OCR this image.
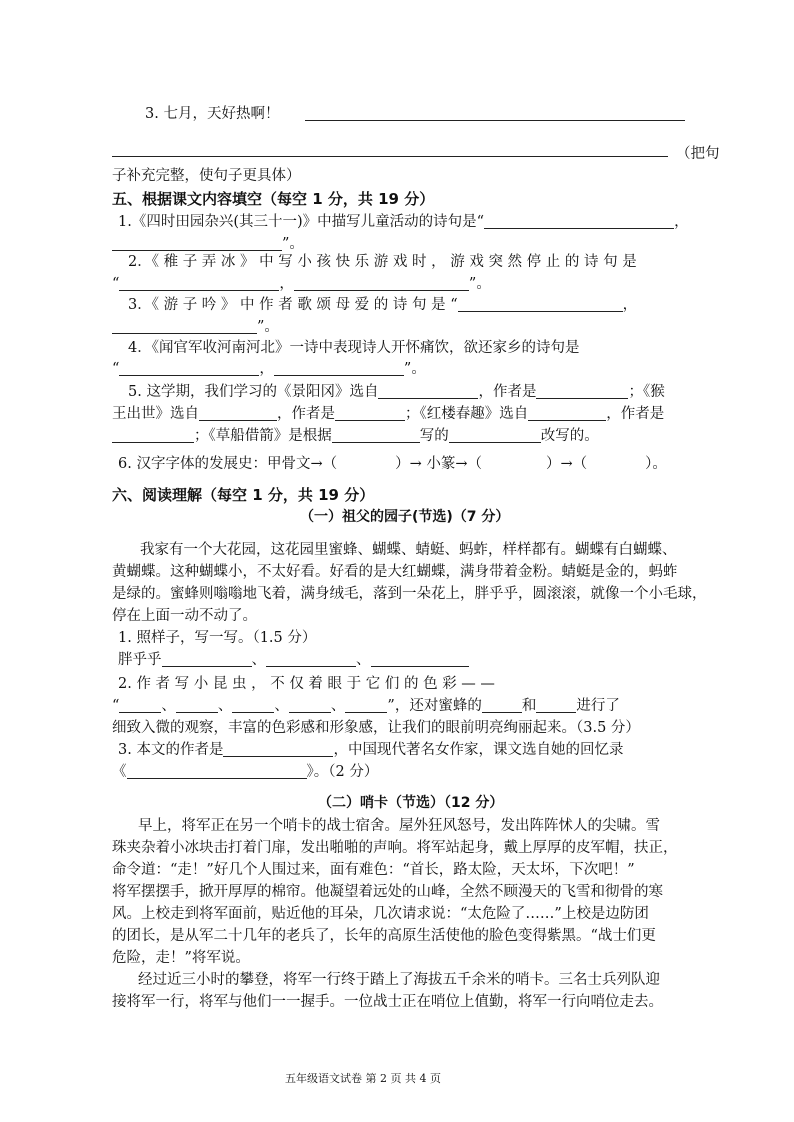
3. 七月，天好热啊！
（把句
子补充完整，使句子更具体）
五、根据课文内容填空（每空 1 分，共 19 分）
1.《四时田园杂兴(其三十一)》中描写儿童活动的诗句是“	，
”。
2．《 稚 子 弄 冰 》 中 写 小 孩 快 乐 游 戏 时 ， 游 戏 突 然 停 止 的 诗 句 是
“	，	”。
3．《 游 子 吟 》 中 作 者 歌 颂 母 爱 的 诗 句 是 “	，
”。
4．《闻官军收河南河北》一诗中表现诗人开怀痛饮，欲还家乡的诗句是
“	，	”。
5. 这学期，我们学习的《景阳冈》选自	，作者是	；《猴
王出世》选自	，作者是	；《红楼春趣》选自	，作者是
；《草船借箭》是根据	写的	改写的。
6. 汉字字体的发展史：甲骨文→（	）→ 小篆→（	）→（	）。
六、阅读理解（每空 1 分，共 19 分）
（一）祖父的园子(节选)（7 分）
我家有一个大花园，这花园里蜜蜂、蝴蝶、蜻蜓、蚂蚱，样样都有。蝴蝶有白蝴蝶、
黄蝴蝶。这种蝴蝶小，不太好看。好看的是大红蝴蝶，满身带着金粉。蜻蜓是金的，蚂蚱
是绿的。蜜蜂则嗡嗡地飞着，满身绒毛，落到一朵花上，胖乎乎，圆滚滚，就像一个小毛球，
停在上面一动不动了。
1. 照样子，写一写。（1.5 分）
胖乎乎	、	、
2. 作 者 写 小 昆 虫 ， 不 仅 着 眼 于 它 们 的 色 彩 — —
“	、	、	、	、	”，还对蜜蜂的	和	进行了
细致入微的观察，丰富的色彩感和形象感，让我们的眼前明亮绚丽起来。（3.5 分）
3. 本文的作者是	，中国现代著名女作家，课文选自她的回忆录
《	》。（2 分）
（二）哨卡（节选）（12 分）
早上，将军正在另一个哨卡的战士宿舍。屋外狂风怒号，发出阵阵怵人的尖啸。雪
珠夹杂着小冰块击打着门扉，发出啪啪的声响。将军站起身，戴上厚厚的皮军帽，扶正，
命令道：“走！”好几个人围过来，面有难色：“首长，路太险，天太坏，下次吧！”
将军摆摆手，掀开厚厚的棉帘。他凝望着远处的山峰，全然不顾漫天的飞雪和彻骨的寒
风。上校走到将军面前，贴近他的耳朵，几次请求说：“太危险了……”上校是边防团
的团长，是从军二十几年的老兵了，长年的高原生活使他的脸色变得紫黑。“战士们更
危险，走！”将军说。
经过近三小时的攀登，将军一行终于踏上了海拔五千余米的哨卡。三名士兵列队迎
接将军一行，将军与他们一一握手。一位战士正在哨位上值勤，将军一行向哨位走去。
五年级语文试卷 第 2 页 共 4 页
